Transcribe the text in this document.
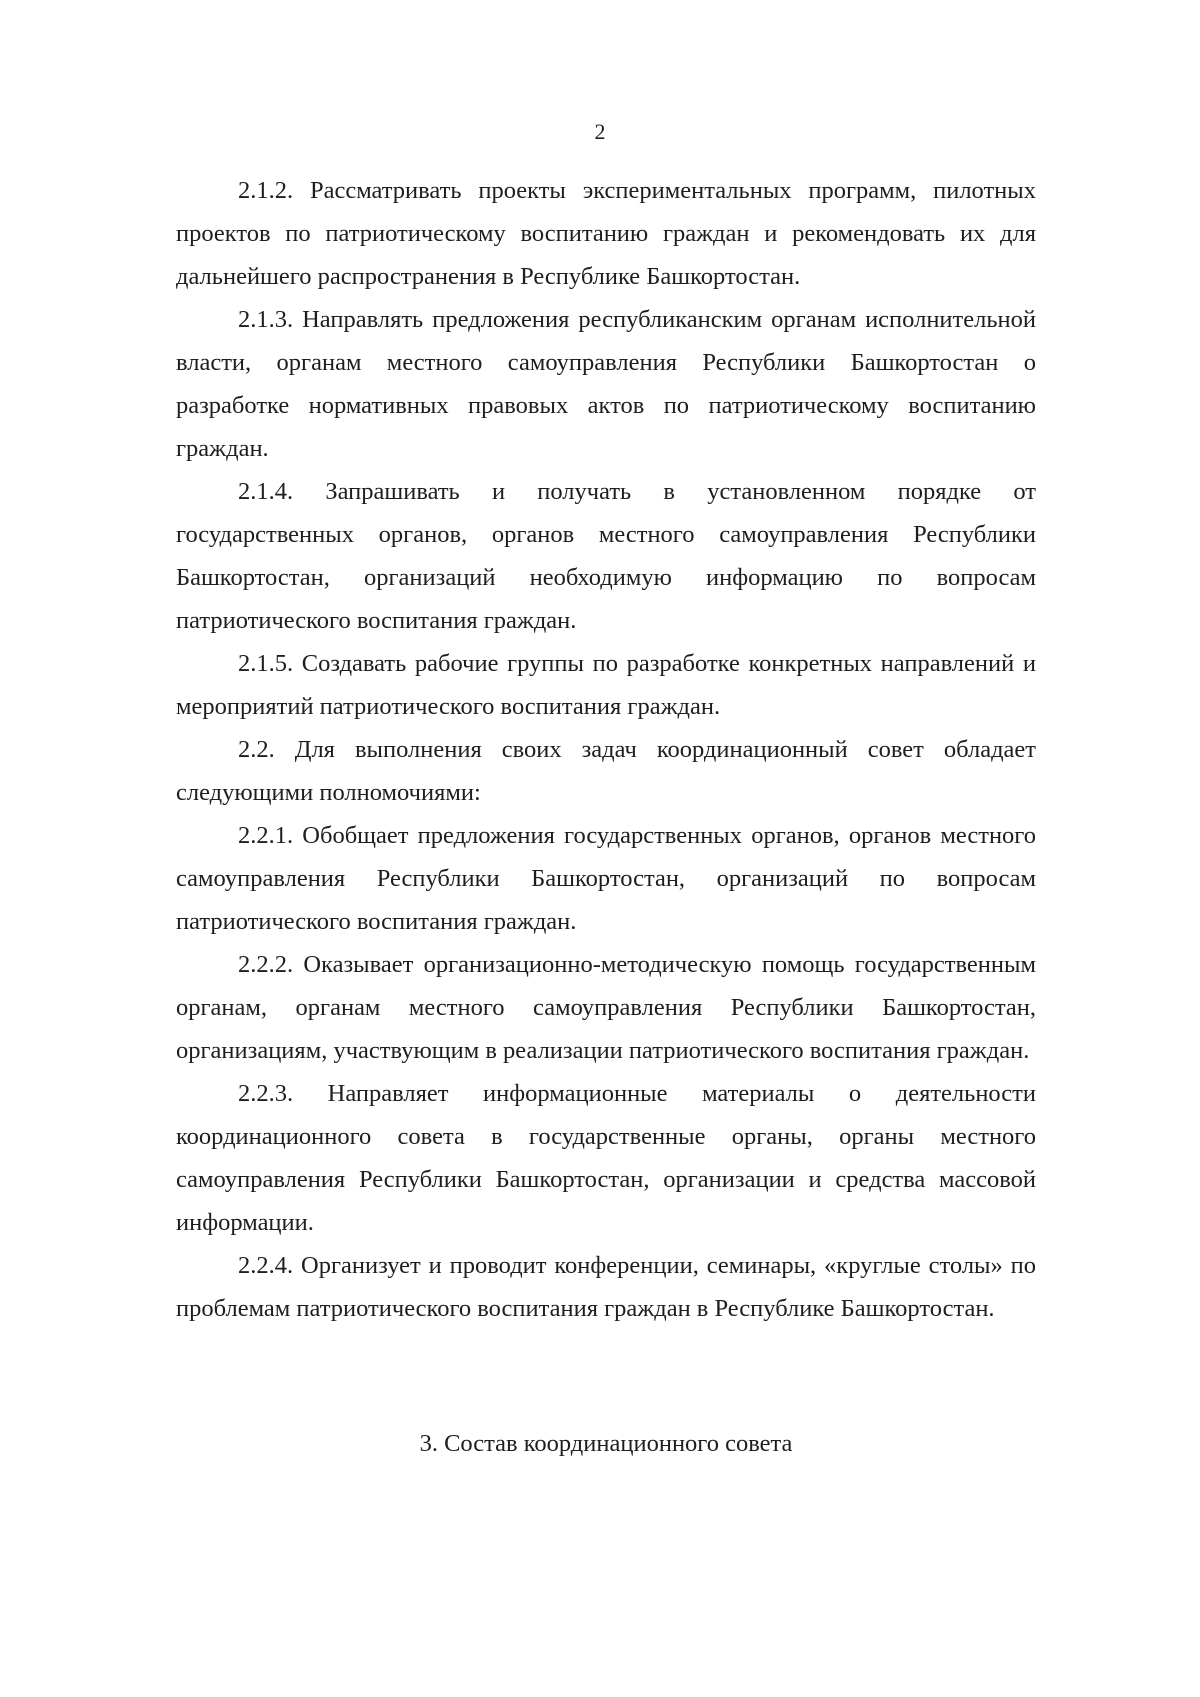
2

2.1.2. Рассматривать проекты экспериментальных программ, пилотных проектов по патриотическому воспитанию граждан и рекомендовать их для дальнейшего распространения в Республике Башкортостан.

2.1.3. Направлять предложения республиканским органам исполнительной власти, органам местного самоуправления Республики Башкортостан о разработке нормативных правовых актов по патриотическому воспитанию граждан.

2.1.4. Запрашивать и получать в установленном порядке от государственных органов, органов местного самоуправления Республики Башкортостан, организаций необходимую информацию по вопросам патриотического воспитания граждан.

2.1.5. Создавать рабочие группы по разработке конкретных направлений и мероприятий патриотического воспитания граждан.

2.2. Для выполнения своих задач координационный совет обладает следующими полномочиями:

2.2.1. Обобщает предложения государственных органов, органов местного самоуправления Республики Башкортостан, организаций по вопросам патриотического воспитания граждан.

2.2.2. Оказывает организационно-методическую помощь государственным органам, органам местного самоуправления Республики Башкортостан, организациям, участвующим в реализации патриотического воспитания граждан.

2.2.3. Направляет информационные материалы о деятельности координационного совета в государственные органы, органы местного самоуправления Республики Башкортостан, организации и средства массовой информации.

2.2.4. Организует и проводит конференции, семинары, «круглые столы» по проблемам патриотического воспитания граждан в Республике Башкортостан.

3. Состав координационного совета
